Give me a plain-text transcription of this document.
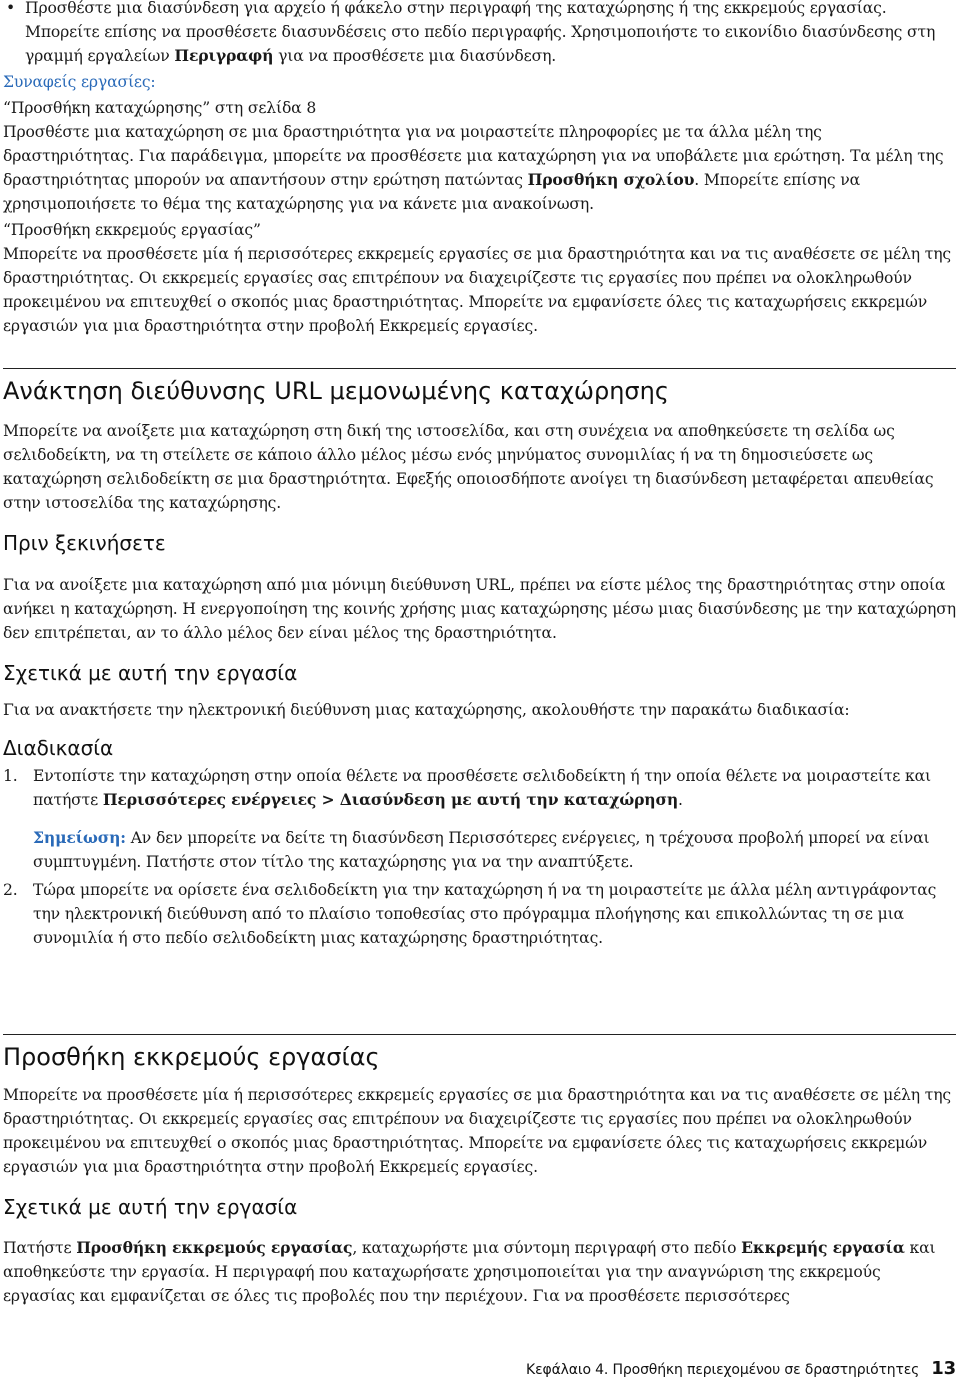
• Προσθέστε μια διασύνδεση για αρχείο ή φάκελο στην περιγραφή της καταχώρησης ή της εκκρεμούς εργασίας. Μπορείτε επίσης να προσθέσετε διασυνδέσεις στο πεδίο περιγραφής. Χρησιμοποιήστε το εικονίδιο διασύνδεσης στη γραμμή εργαλείων Περιγραφή για να προσθέσετε μια διασύνδεση.

Συναφείς εργασίες:

“Προσθήκη καταχώρησης” στη σελίδα 8

Προσθέστε μια καταχώρηση σε μια δραστηριότητα για να μοιραστείτε πληροφορίες με τα άλλα μέλη της δραστηριότητας. Για παράδειγμα, μπορείτε να προσθέσετε μια καταχώρηση για να υποβάλετε μια ερώτηση. Τα μέλη της δραστηριότητας μπορούν να απαντήσουν στην ερώτηση πατώντας Προσθήκη σχολίου. Μπορείτε επίσης να χρησιμοποιήσετε το θέμα της καταχώρησης για να κάνετε μια ανακοίνωση.

“Προσθήκη εκκρεμούς εργασίας”

Μπορείτε να προσθέσετε μία ή περισσότερες εκκρεμείς εργασίες σε μια δραστηριότητα και να τις αναθέσετε σε μέλη της δραστηριότητας. Οι εκκρεμείς εργασίες σας επιτρέπουν να διαχειρίζεστε τις εργασίες που πρέπει να ολοκληρωθούν προκειμένου να επιτευχθεί ο σκοπός μιας δραστηριότητας. Μπορείτε να εμφανίσετε όλες τις καταχωρήσεις εκκρεμών εργασιών για μια δραστηριότητα στην προβολή Εκκρεμείς εργασίες.

Ανάκτηση διεύθυνσης URL μεμονωμένης καταχώρησης

Μπορείτε να ανοίξετε μια καταχώρηση στη δική της ιστοσελίδα, και στη συνέχεια να αποθηκεύσετε τη σελίδα ως σελιδοδείκτη, να τη στείλετε σε κάποιο άλλο μέλος μέσω ενός μηνύματος συνομιλίας ή να τη δημοσιεύσετε ως καταχώρηση σελιδοδείκτη σε μια δραστηριότητα. Εφεξής οποιοσδήποτε ανοίγει τη διασύνδεση μεταφέρεται απευθείας στην ιστοσελίδα της καταχώρησης.

Πριν ξεκινήσετε

Για να ανοίξετε μια καταχώρηση από μια μόνιμη διεύθυνση URL, πρέπει να είστε μέλος της δραστηριότητας στην οποία ανήκει η καταχώρηση. Η ενεργοποίηση της κοινής χρήσης μιας καταχώρησης μέσω μιας διασύνδεσης με την καταχώρηση δεν επιτρέπεται, αν το άλλο μέλος δεν είναι μέλος της δραστηριότητα.

Σχετικά με αυτή την εργασία

Για να ανακτήσετε την ηλεκτρονική διεύθυνση μιας καταχώρησης, ακολουθήστε την παρακάτω διαδικασία:

Διαδικασία

1. Εντοπίστε την καταχώρηση στην οποία θέλετε να προσθέσετε σελιδοδείκτη ή την οποία θέλετε να μοιραστείτε και πατήστε Περισσότερες ενέργειες > Διασύνδεση με αυτή την καταχώρηση.

Σημείωση: Αν δεν μπορείτε να δείτε τη διασύνδεση Περισσότερες ενέργειες, η τρέχουσα προβολή μπορεί να είναι συμπτυγμένη. Πατήστε στον τίτλο της καταχώρησης για να την αναπτύξετε.

2. Τώρα μπορείτε να ορίσετε ένα σελιδοδείκτη για την καταχώρηση ή να τη μοιραστείτε με άλλα μέλη αντιγράφοντας την ηλεκτρονική διεύθυνση από το πλαίσιο τοποθεσίας στο πρόγραμμα πλοήγησης και επικολλώντας τη σε μια συνομιλία ή στο πεδίο σελιδοδείκτη μιας καταχώρησης δραστηριότητας.

Προσθήκη εκκρεμούς εργασίας

Μπορείτε να προσθέσετε μία ή περισσότερες εκκρεμείς εργασίες σε μια δραστηριότητα και να τις αναθέσετε σε μέλη της δραστηριότητας. Οι εκκρεμείς εργασίες σας επιτρέπουν να διαχειρίζεστε τις εργασίες που πρέπει να ολοκληρωθούν προκειμένου να επιτευχθεί ο σκοπός μιας δραστηριότητας. Μπορείτε να εμφανίσετε όλες τις καταχωρήσεις εκκρεμών εργασιών για μια δραστηριότητα στην προβολή Εκκρεμείς εργασίες.

Σχετικά με αυτή την εργασία

Πατήστε Προσθήκη εκκρεμούς εργασίας, καταχωρήστε μια σύντομη περιγραφή στο πεδίο Εκκρεμής εργασία και αποθηκεύστε την εργασία. Η περιγραφή που καταχωρήσατε χρησιμοποιείται για την αναγνώριση της εκκρεμούς εργασίας και εμφανίζεται σε όλες τις προβολές που την περιέχουν. Για να προσθέσετε περισσότερες

Κεφάλαιο 4. Προσθήκη περιεχομένου σε δραστηριότητες 13
